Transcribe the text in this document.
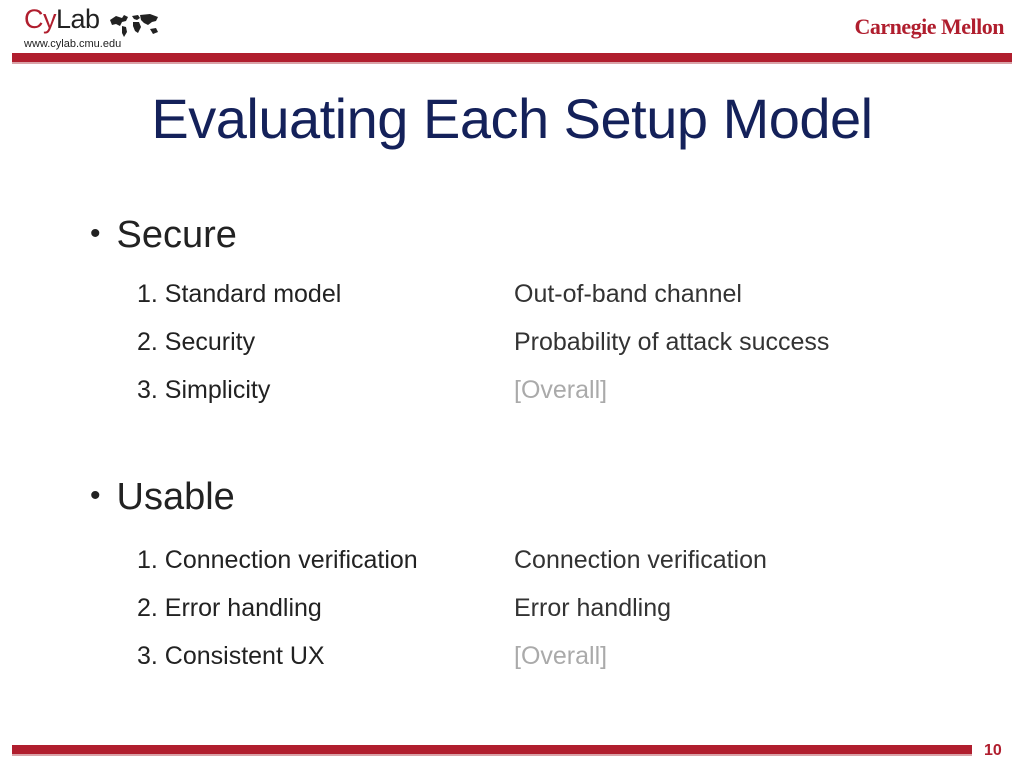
CyLab
www.cylab.cmu.edu
Carnegie Mellon
Evaluating Each Setup Model
• Secure
1. Standard model	Out-of-band channel
2. Security	Probability of attack success
3. Simplicity	[Overall]
• Usable
1. Connection verification	Connection verification
2. Error handling	Error handling
3. Consistent UX	[Overall]
10
